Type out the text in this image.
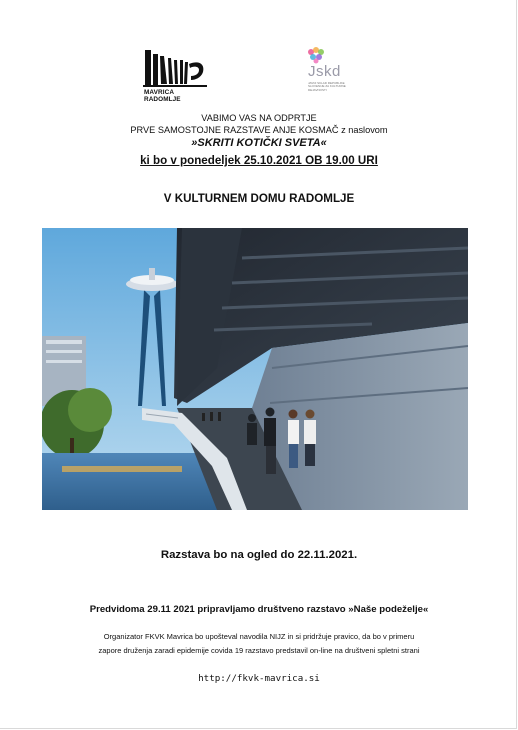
MAVRICA RADOMLJE
Jskd
JAVNI SKLAD REPUBLIKE SLOVENIJE ZA KULTURNE DEJAVNOSTI
VABIMO VAS NA ODPRTJE
PRVE SAMOSTOJNE RAZSTAVE ANJE KOSMAČ z naslovom
»SKRITI KOTIČKI SVETA«
ki bo v ponedeljek 25.10.2021 OB 19.00 URI
V KULTURNEM DOMU RADOMLJE
Razstava bo na ogled do 22.11.2021.
Predvidoma 29.11 2021 pripravljamo društveno razstavo »Naše podeželje«
Organizator FKVK Mavrica bo upošteval navodila NIJZ in si pridržuje pravico, da bo v primeru
zapore druženja zaradi epidemije covida 19 razstavo predstavil on-line na društveni spletni strani
http://fkvk-mavrica.si
